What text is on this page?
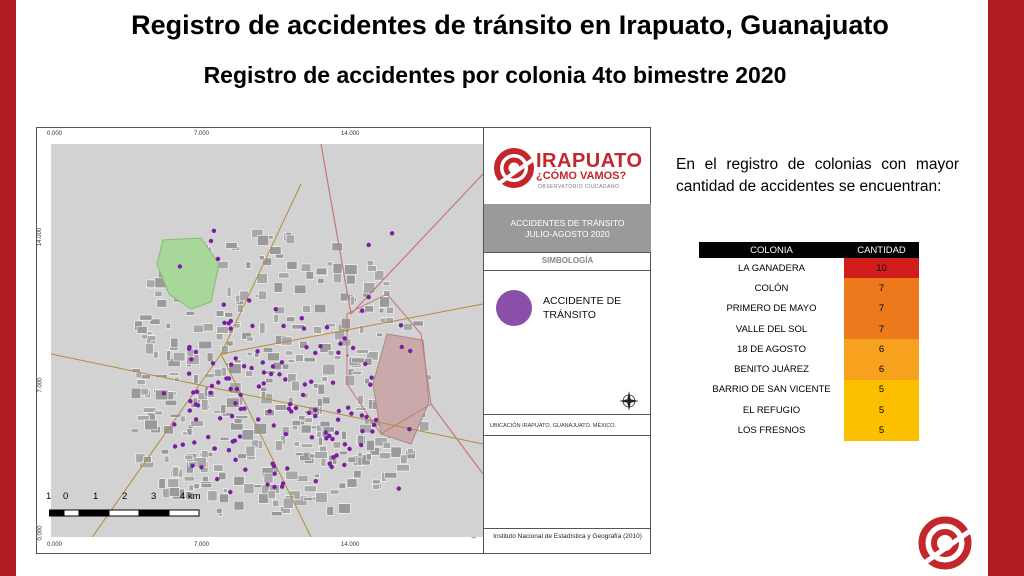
Registro de accidentes de tránsito en Irapuato, Guanajuato
Registro de accidentes por colonia 4to bimestre 2020
0.000	7.000	14.000
0.000	7.000	14.000
14.000
7.000
0.000
1 0	1 2 3 4 km
IRAPUATO
¿CÓMO VAMOS?
OBSERVATORIO CIUDADANO
ACCIDENTES DE TRÁNSITO
JULIO-AGOSTO 2020
SIMBOLOGÍA
ACCIDENTE DE TRÁNSITO
UBICACIÓN IRAPUATO, GUANAJUATO. MÉXICO.
Instituto Nacional de Estadística y Geografía (2010)
En el registro de colonias con mayor cantidad de accidentes se encuentran:
COLONIA	CANTIDAD
LA GANADERA	10
COLÓN	7
PRIMERO DE MAYO	7
VALLE DEL SOL	7
18 DE AGOSTO	6
BENITO JUÁREZ	6
BARRIO DE SAN VICENTE	5
EL REFUGIO	5
LOS FRESNOS	5
